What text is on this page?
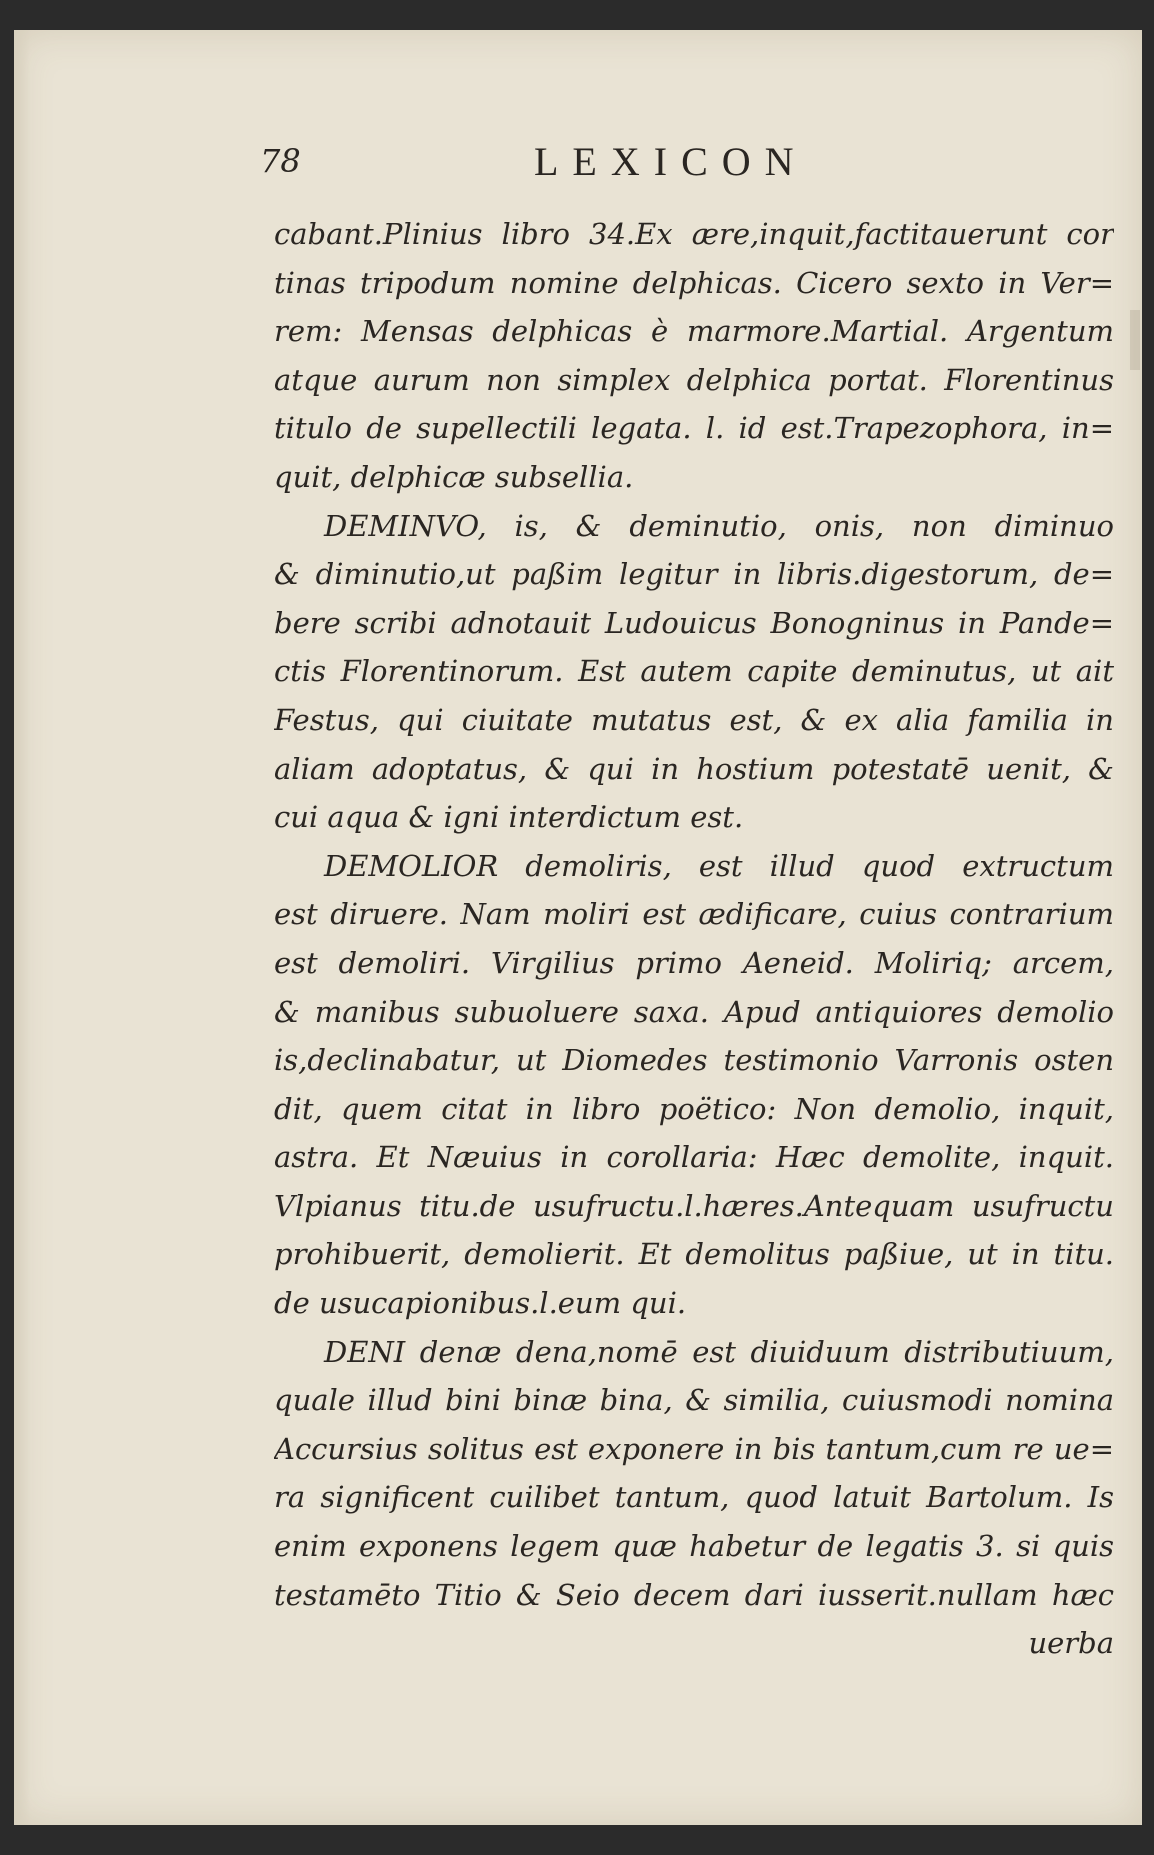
78	LEXICON
cabant.Plinius libro 34.Ex ære,inquit,factitauerunt cor
tinas tripodum nomine delphicas. Cicero sexto in Ver=
rem: Mensas delphicas è marmore.Martial. Argentum
atque aurum non simplex delphica portat. Florentinus
titulo de supellectili legata. l. id est.Trapezophora, in=
quit, delphicæ subsellia.
DEMINVO, is, & deminutio, onis, non diminuo
& diminutio,ut paßim legitur in libris.digestorum, de=
bere scribi adnotauit Ludouicus Bonogninus in Pande=
ctis Florentinorum. Est autem capite deminutus, ut ait
Festus, qui ciuitate mutatus est, & ex alia familia in
aliam adoptatus, & qui in hostium potestatē uenit, &
cui aqua & igni interdictum est.
DEMOLIOR demoliris, est illud quod extructum
est diruere. Nam moliri est ædificare, cuius contrarium
est demoliri. Virgilius primo Aeneid. Moliriq; arcem,
& manibus subuoluere saxa. Apud antiquiores demolio
is,declinabatur, ut Diomedes testimonio Varronis osten
dit, quem citat in libro poëtico: Non demolio, inquit,
astra. Et Næuius in corollaria: Hæc demolite, inquit.
Vlpianus titu.de usufructu.l.hæres.Antequam usufructu
prohibuerit, demolierit. Et demolitus paßiue, ut in titu.
de usucapionibus.l.eum qui.
DENI denæ dena,nomē est diuiduum distributiuum,
quale illud bini binæ bina, & similia, cuiusmodi nomina
Accursius solitus est exponere in bis tantum,cum re ue=
ra significent cuilibet tantum, quod latuit Bartolum. Is
enim exponens legem quæ habetur de legatis 3. si quis
testamēto Titio & Seio decem dari iusserit.nullam hæc
uerba
